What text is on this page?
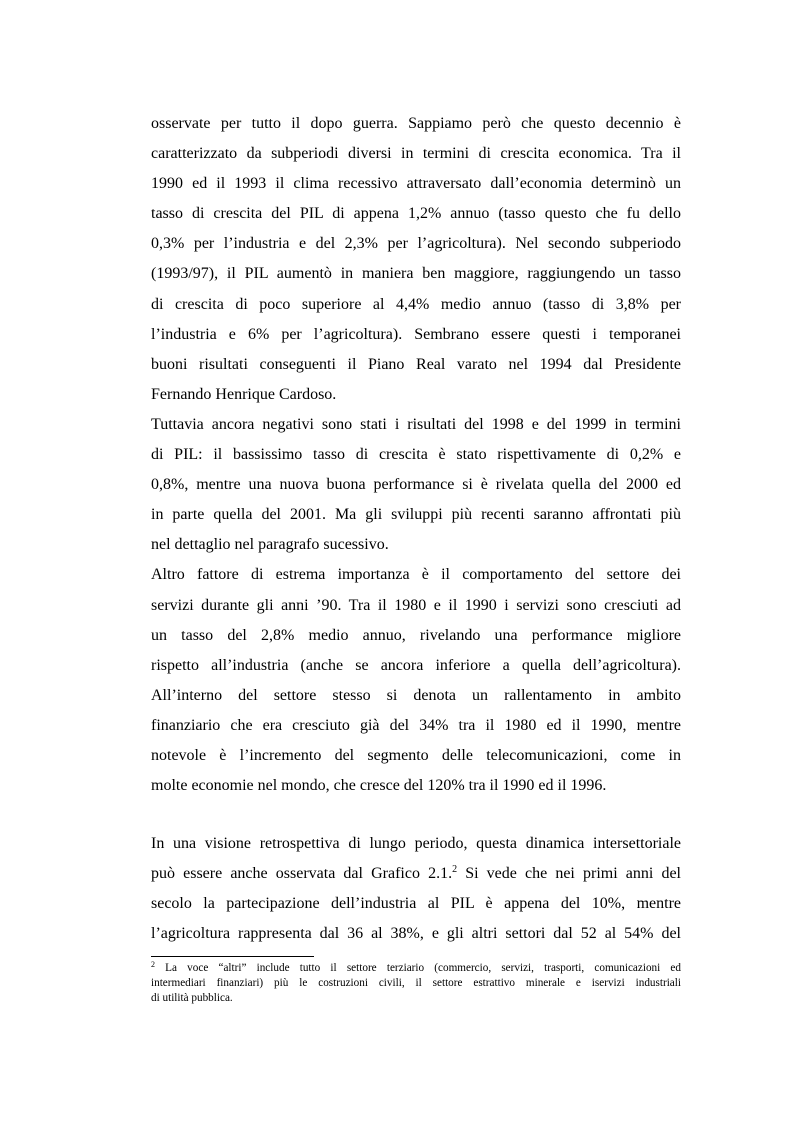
osservate per tutto il dopo guerra. Sappiamo però che questo decennio è
caratterizzato da subperiodi diversi in termini di crescita economica. Tra il
1990 ed il 1993 il clima recessivo attraversato dall’economia determinò un
tasso di crescita del PIL di appena 1,2% annuo (tasso questo che fu dello
0,3% per l’industria e del 2,3% per l’agricoltura). Nel secondo subperiodo
(1993/97), il PIL aumentò in maniera ben maggiore, raggiungendo un tasso
di crescita di poco superiore al 4,4% medio annuo (tasso di 3,8% per
l’industria e 6% per l’agricoltura). Sembrano essere questi i temporanei
buoni risultati conseguenti il Piano Real varato nel 1994 dal Presidente
Fernando Henrique Cardoso.
Tuttavia ancora negativi sono stati i risultati del 1998 e del 1999 in termini
di PIL: il bassissimo tasso di crescita è stato rispettivamente di 0,2% e
0,8%, mentre una nuova buona performance si è rivelata quella del 2000 ed
in parte quella del 2001. Ma gli sviluppi più recenti saranno affrontati più
nel dettaglio nel paragrafo sucessivo.
Altro fattore di estrema importanza è il comportamento del settore dei
servizi durante gli anni ’90. Tra il 1980 e il 1990 i servizi sono cresciuti ad
un tasso del 2,8% medio annuo, rivelando una performance migliore
rispetto all’industria (anche se ancora inferiore a quella dell’agricoltura).
All’interno del settore stesso si denota un rallentamento in ambito
finanziario che era cresciuto già del 34% tra il 1980 ed il 1990, mentre
notevole è l’incremento del segmento delle telecomunicazioni, come in
molte economie nel mondo, che cresce del 120% tra il 1990 ed il 1996.
In una visione retrospettiva di lungo periodo, questa dinamica intersettoriale
può essere anche osservata dal Grafico 2.1.$^2$ Si vede che nei primi anni del
secolo la partecipazione dell’industria al PIL è appena del 10%, mentre
l’agricoltura rappresenta dal 36 al 38%, e gli altri settori dal 52 al 54% del
$^2$ La voce “altri” include tutto il settore terziario (commercio, servizi, trasporti, comunicazioni ed
intermediari finanziari) più le costruzioni civili, il settore estrattivo minerale e iservizi industriali
di utilità pubblica.
